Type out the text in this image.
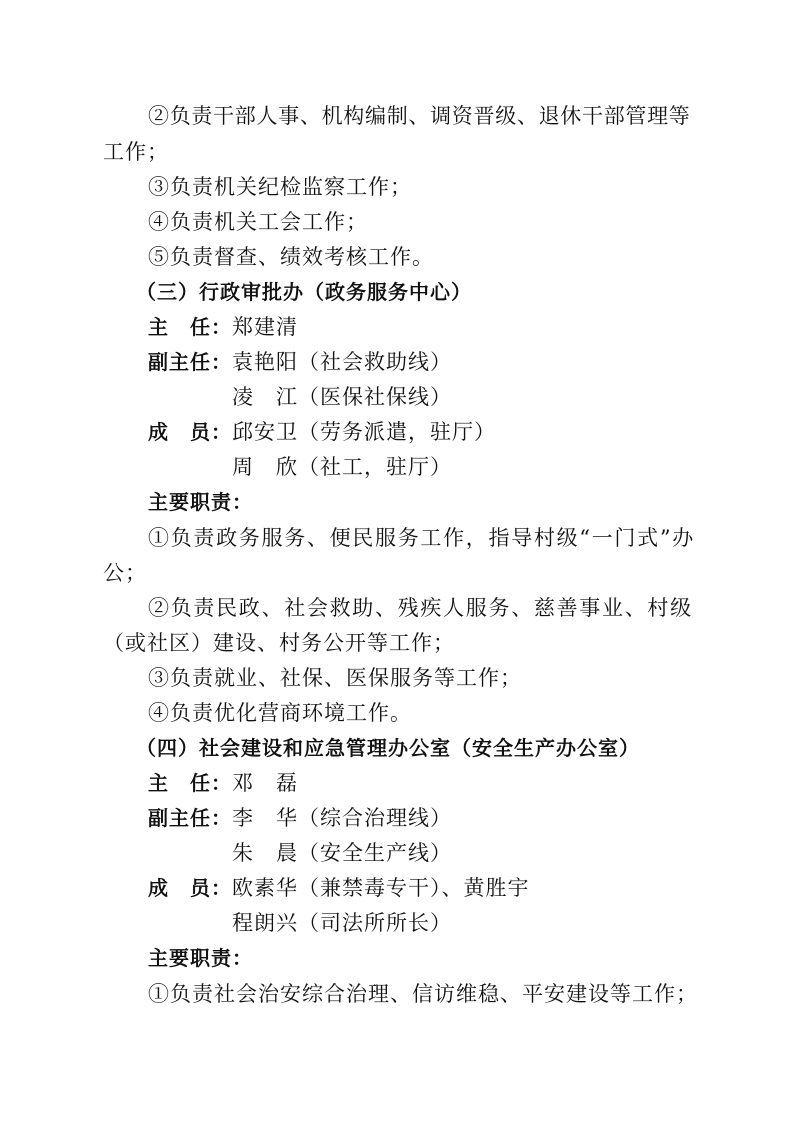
②负责干部人事、机构编制、调资晋级、退休干部管理等
工作；
③负责机关纪检监察工作；
④负责机关工会工作；
⑤负责督查、绩效考核工作。
（三）行政审批办（政务服务中心）
主　任：郑建清
副主任：袁艳阳（社会救助线）
凌　江（医保社保线）
成　员：邱安卫（劳务派遣，驻厅）
周　欣（社工，驻厅）
主要职责：
①负责政务服务、便民服务工作，指导村级“一门式”办
公；
②负责民政、社会救助、残疾人服务、慈善事业、村级
（或社区）建设、村务公开等工作；
③负责就业、社保、医保服务等工作；
④负责优化营商环境工作。
（四）社会建设和应急管理办公室（安全生产办公室）
主　任：邓　磊
副主任：李　华（综合治理线）
朱　晨（安全生产线）
成　员：欧素华（兼禁毒专干）、黄胜宇
程朗兴（司法所所长）
主要职责：
①负责社会治安综合治理、信访维稳、平安建设等工作；
